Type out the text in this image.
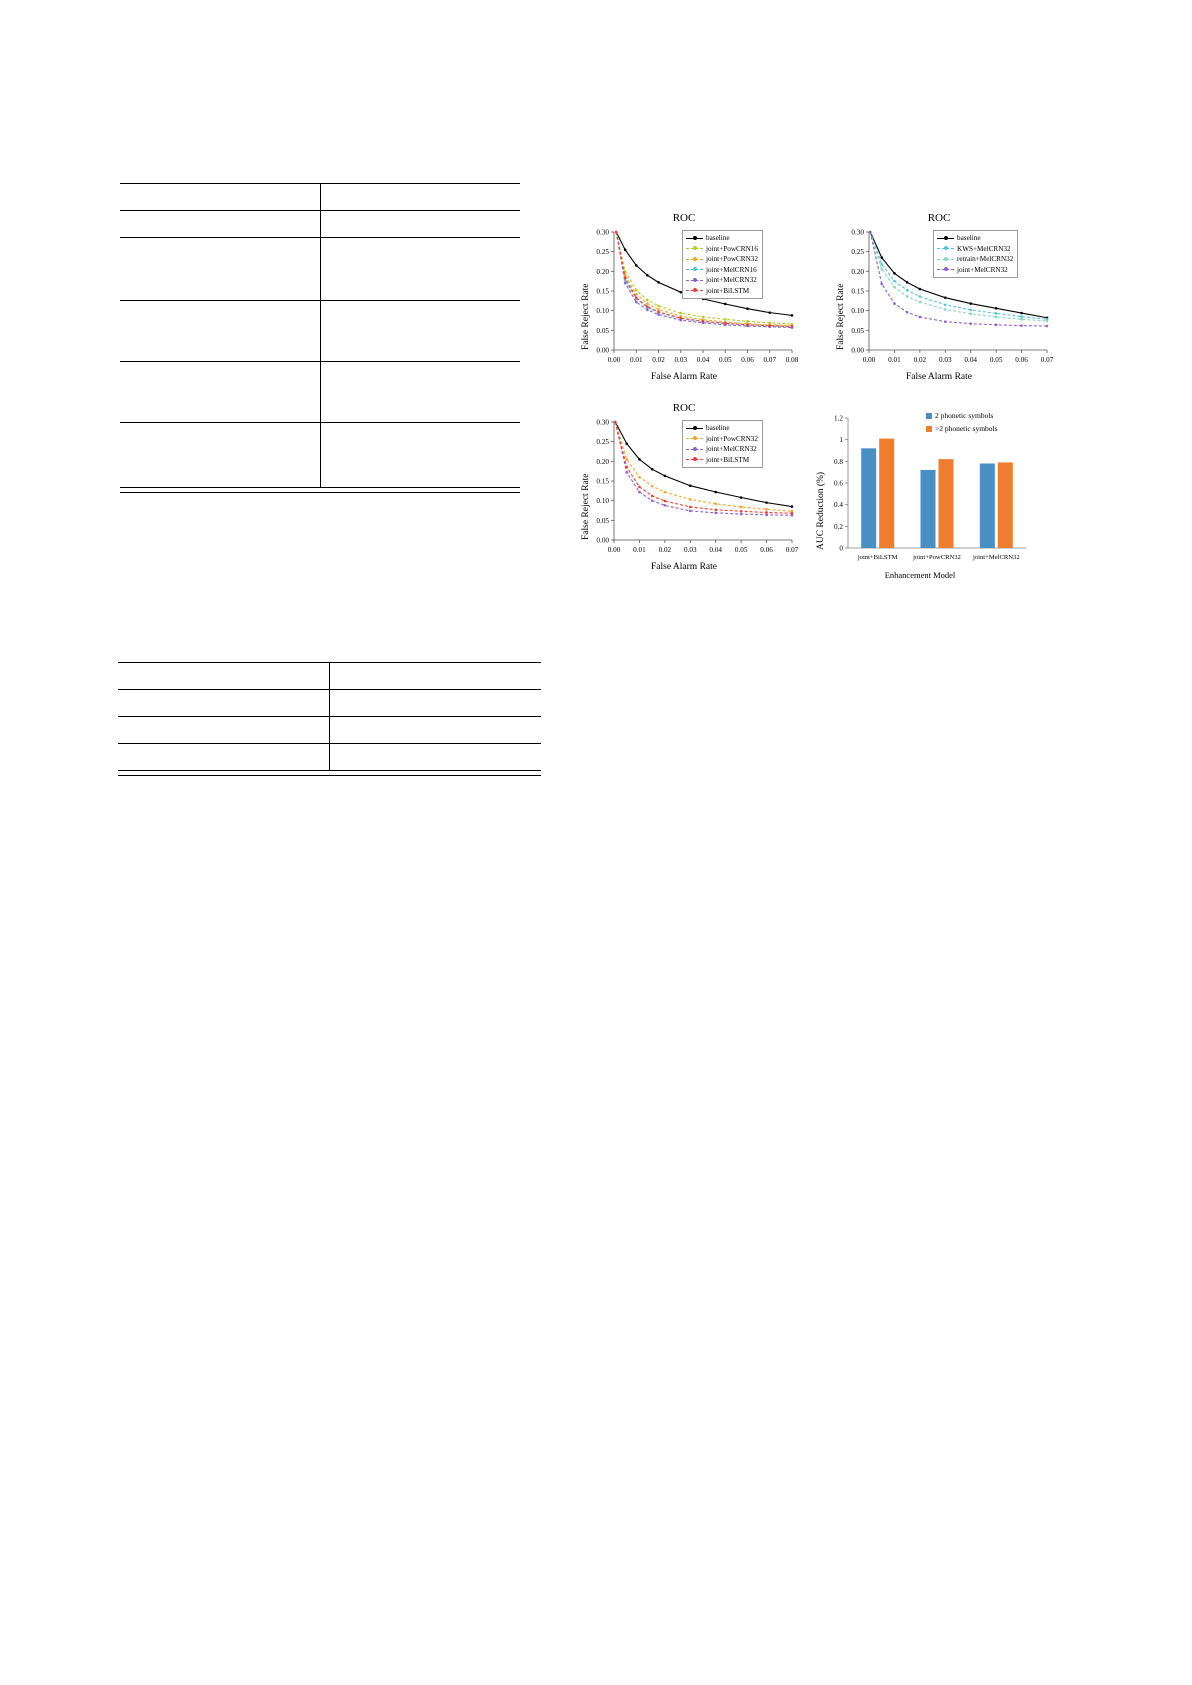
ROC
False Reject Rate
False Alarm Rate
0.00
0.05
0.10
0.15
0.20
0.25
0.30
0.00 0.01 0.02 0.03 0.04 0.05 0.06 0.07 0.08
baseline
joint+PowCRN16
joint+PowCRN32
joint+MelCRN16
joint+MelCRN32
joint+BiLSTM
ROC
False Reject Rate
False Alarm Rate
0.00
0.05
0.10
0.15
0.20
0.25
0.30
0.00 0.01 0.02 0.03 0.04 0.05 0.06 0.07
baseline
KWS+MelCRN32
retrain+MelCRN32
joint+MelCRN32
ROC
False Reject Rate
False Alarm Rate
0.00
0.05
0.10
0.15
0.20
0.25
0.30
0.00 0.01 0.02 0.03 0.04 0.05 0.06 0.07
baseline
joint+PowCRN32
joint+MelCRN32
joint+BiLSTM
AUC Reduction (%)
Enhancement Model
0
0.2
0.4
0.6
0.8
1
1.2
joint+BiLSTM joint+PowCRN32 joint+MelCRN32
2 phonetic symbols
>2 phonetic symbols
